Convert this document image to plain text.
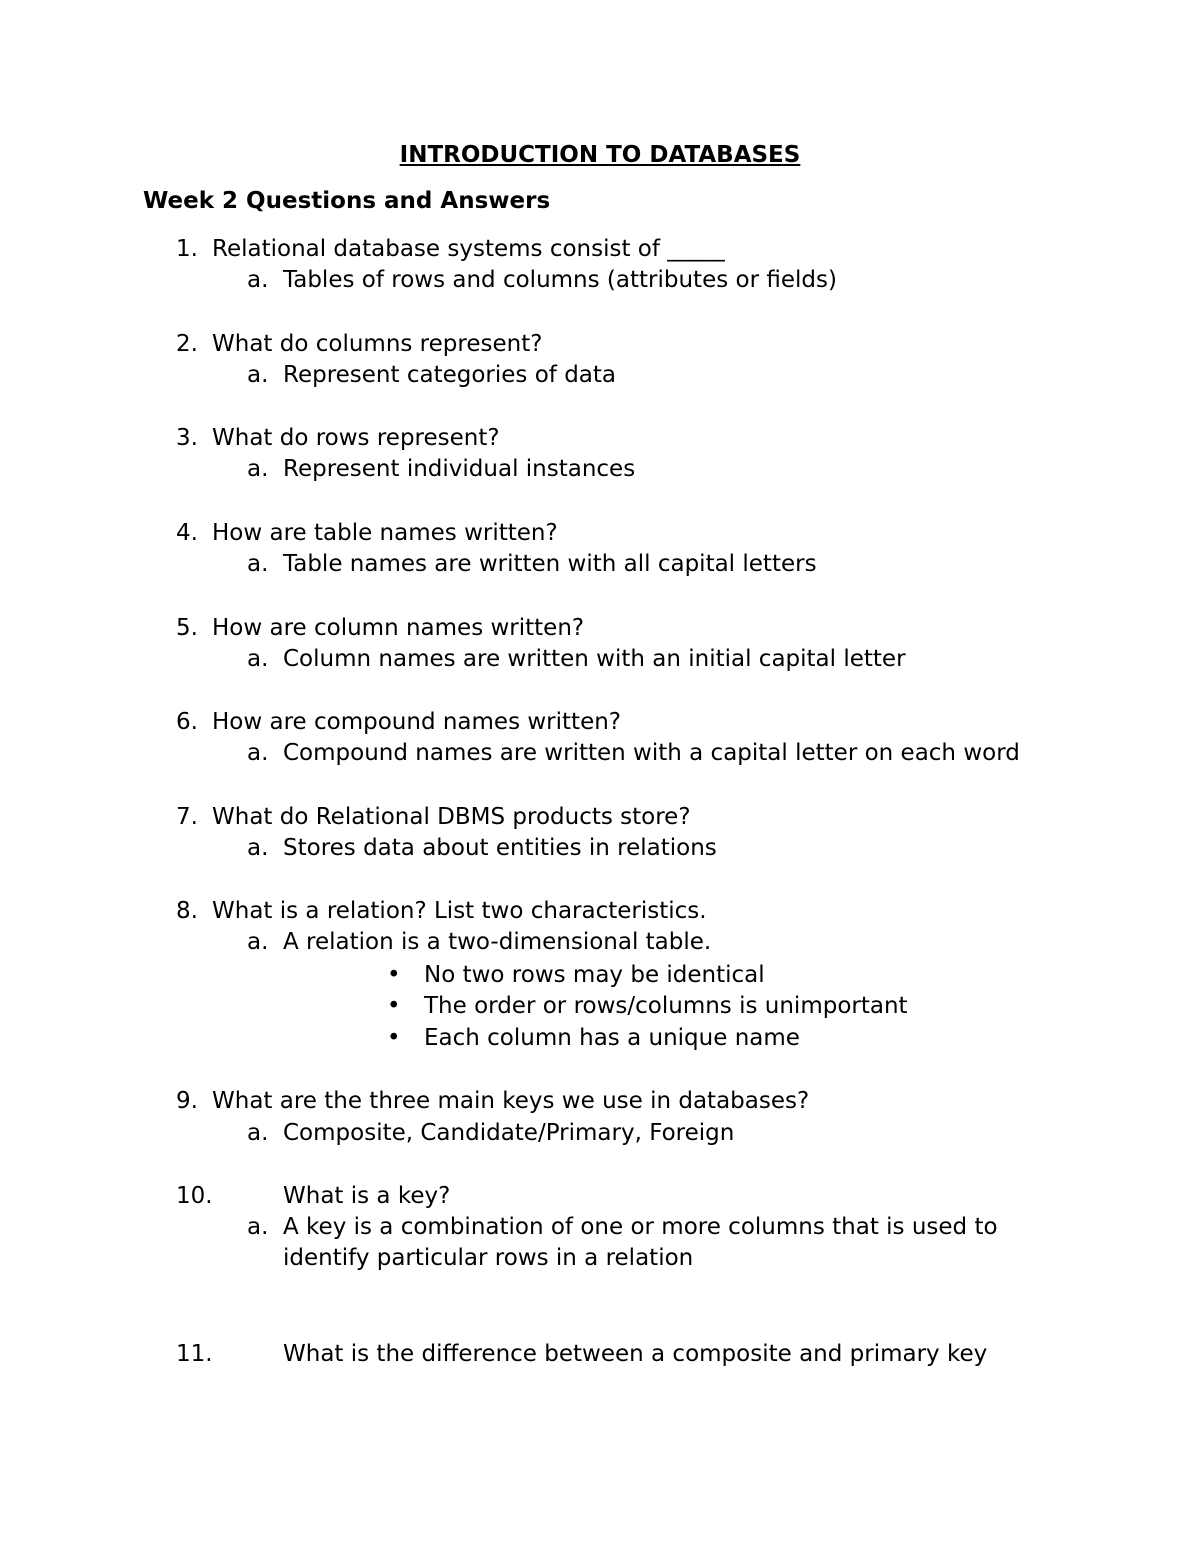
INTRODUCTION TO DATABASES
Week 2 Questions and Answers
1. Relational database systems consist of _____
a. Tables of rows and columns (attributes or fields)
2. What do columns represent?
a. Represent categories of data
3. What do rows represent?
a. Represent individual instances
4. How are table names written?
a. Table names are written with all capital letters
5. How are column names written?
a. Column names are written with an initial capital letter
6. How are compound names written?
a. Compound names are written with a capital letter on each word
7. What do Relational DBMS products store?
a. Stores data about entities in relations
8. What is a relation? List two characteristics.
a. A relation is a two-dimensional table.
• No two rows may be identical
• The order or rows/columns is unimportant
• Each column has a unique name
9. What are the three main keys we use in databases?
a. Composite, Candidate/Primary, Foreign
10.	What is a key?
a. A key is a combination of one or more columns that is used to identify particular rows in a relation
11.	What is the difference between a composite and primary key
